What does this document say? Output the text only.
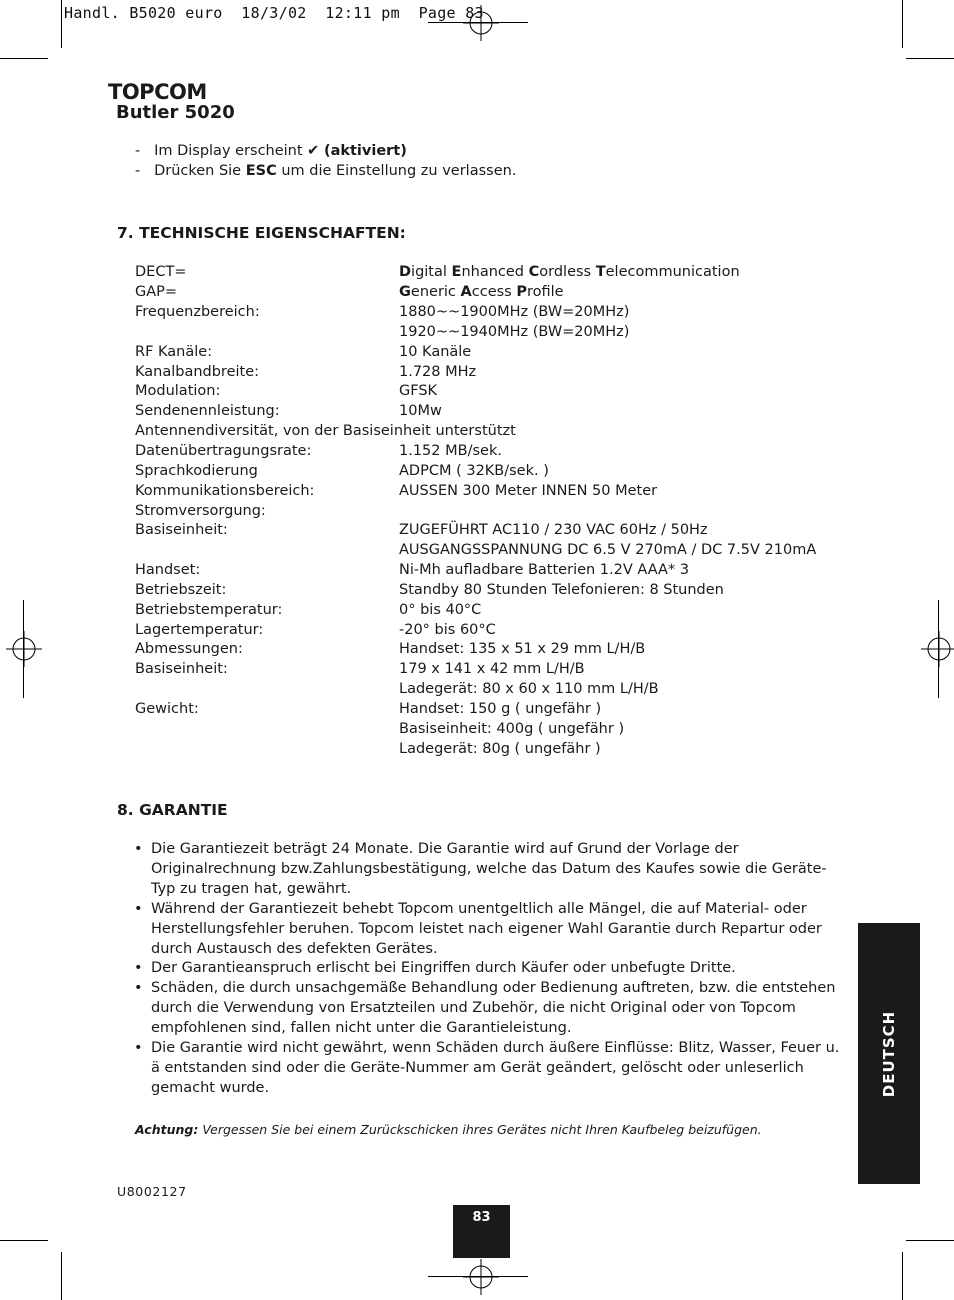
Handl. B5020 euro  18/3/02  12:11 pm  Page 83
TOPCOM
Butler 5020
- Im Display erscheint ✔ (aktiviert)
- Drücken Sie ESC um die Einstellung zu verlassen.
7. TECHNISCHE EIGENSCHAFTEN:
DECT=	Digital Enhanced Cordless Telecommunication
GAP=	Generic Access Profile
Frequenzbereich:	1880~~1900MHz (BW=20MHz)
1920~~1940MHz (BW=20MHz)
RF Kanäle:	10 Kanäle
Kanalbandbreite:	1.728 MHz
Modulation:	GFSK
Sendenennleistung:	10Mw
Antennendiversität, von der Basiseinheit unterstützt
Datenübertragungsrate:	1.152 MB/sek.
Sprachkodierung	ADPCM ( 32KB/sek. )
Kommunikationsbereich:	AUSSEN 300 Meter INNEN 50 Meter
Stromversorgung:
Basiseinheit:	ZUGEFÜHRT AC110 / 230 VAC 60Hz / 50Hz
AUSGANGSSPANNUNG DC 6.5 V 270mA / DC 7.5V 210mA
Handset:	Ni-Mh aufladbare Batterien 1.2V AAA* 3
Betriebszeit:	Standby 80 Stunden Telefonieren: 8 Stunden
Betriebstemperatur:	0° bis 40°C
Lagertemperatur:	-20° bis 60°C
Abmessungen:	Handset: 135 x 51 x 29 mm L/H/B
Basiseinheit:	179 x 141 x 42 mm L/H/B
Ladegerät: 80 x 60 x 110 mm L/H/B
Gewicht:	Handset: 150 g ( ungefähr )
Basiseinheit: 400g ( ungefähr )
Ladegerät: 80g ( ungefähr )
8. GARANTIE
• Die Garantiezeit beträgt 24 Monate. Die Garantie wird auf Grund der Vorlage der Originalrechnung bzw.Zahlungsbestätigung, welche das Datum des Kaufes sowie die Geräte-Typ zu tragen hat, gewährt.
• Während der Garantiezeit behebt Topcom unentgeltlich alle Mängel, die auf Material- oder Herstellungsfehler beruhen. Topcom leistet nach eigener Wahl Garantie durch Repartur oder durch Austausch des defekten Gerätes.
• Der Garantieanspruch erlischt bei Eingriffen durch Käufer oder unbefugte Dritte.
• Schäden, die durch unsachgemäße Behandlung oder Bedienung auftreten, bzw. die entstehen durch die Verwendung von Ersatzteilen und Zubehör, die nicht Original oder von Topcom empfohlenen sind, fallen nicht unter die Garantieleistung.
• Die Garantie wird nicht gewährt, wenn Schäden durch äußere Einflüsse: Blitz, Wasser, Feuer u. ä entstanden sind oder die Geräte-Nummer am Gerät geändert, gelöscht oder unleserlich gemacht wurde.
Achtung: Vergessen Sie bei einem Zurückschicken ihres Gerätes nicht Ihren Kaufbeleg beizufügen.
U8002127
DEUTSCH
83
